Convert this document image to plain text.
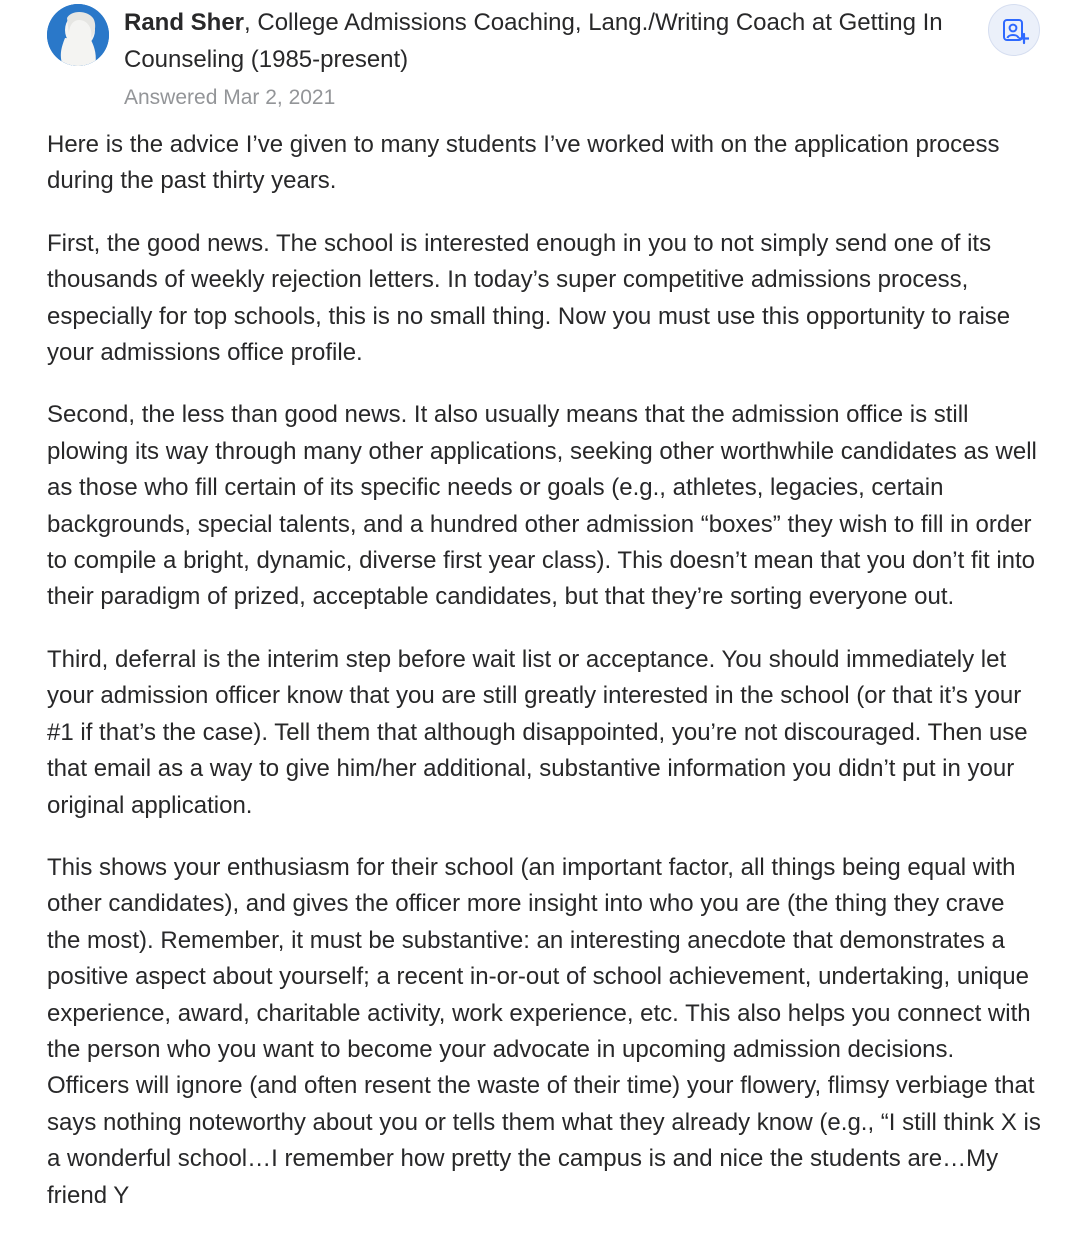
Rand Sher, College Admissions Coaching, Lang./Writing Coach at Getting In Counseling (1985-present)
Answered Mar 2, 2021

Here is the advice I’ve given to many students I’ve worked with on the application process during the past thirty years.

First, the good news. The school is interested enough in you to not simply send one of its thousands of weekly rejection letters. In today’s super competitive admissions process, especially for top schools, this is no small thing. Now you must use this opportunity to raise your admissions office profile.

Second, the less than good news. It also usually means that the admission office is still plowing its way through many other applications, seeking other worthwhile candidates as well as those who fill certain of its specific needs or goals (e.g., athletes, legacies, certain backgrounds, special talents, and a hundred other admission “boxes” they wish to fill in order to compile a bright, dynamic, diverse first year class). This doesn’t mean that you don’t fit into their paradigm of prized, acceptable candidates, but that they’re sorting everyone out.

Third, deferral is the interim step before wait list or acceptance. You should immediately let your admission officer know that you are still greatly interested in the school (or that it’s your #1 if that’s the case). Tell them that although disappointed, you’re not discouraged. Then use that email as a way to give him/her additional, substantive information you didn’t put in your original application.

This shows your enthusiasm for their school (an important factor, all things being equal with other candidates), and gives the officer more insight into who you are (the thing they crave the most). Remember, it must be substantive: an interesting anecdote that demonstrates a positive aspect about yourself; a recent in-or-out of school achievement, undertaking, unique experience, award, charitable activity, work experience, etc. This also helps you connect with the person who you want to become your advocate in upcoming admission decisions. Officers will ignore (and often resent the waste of their time) your flowery, flimsy verbiage that says nothing noteworthy about you or tells them what they already know (e.g., “I still think X is a wonderful school…I remember how pretty the campus is and nice the students are…My friend Y
